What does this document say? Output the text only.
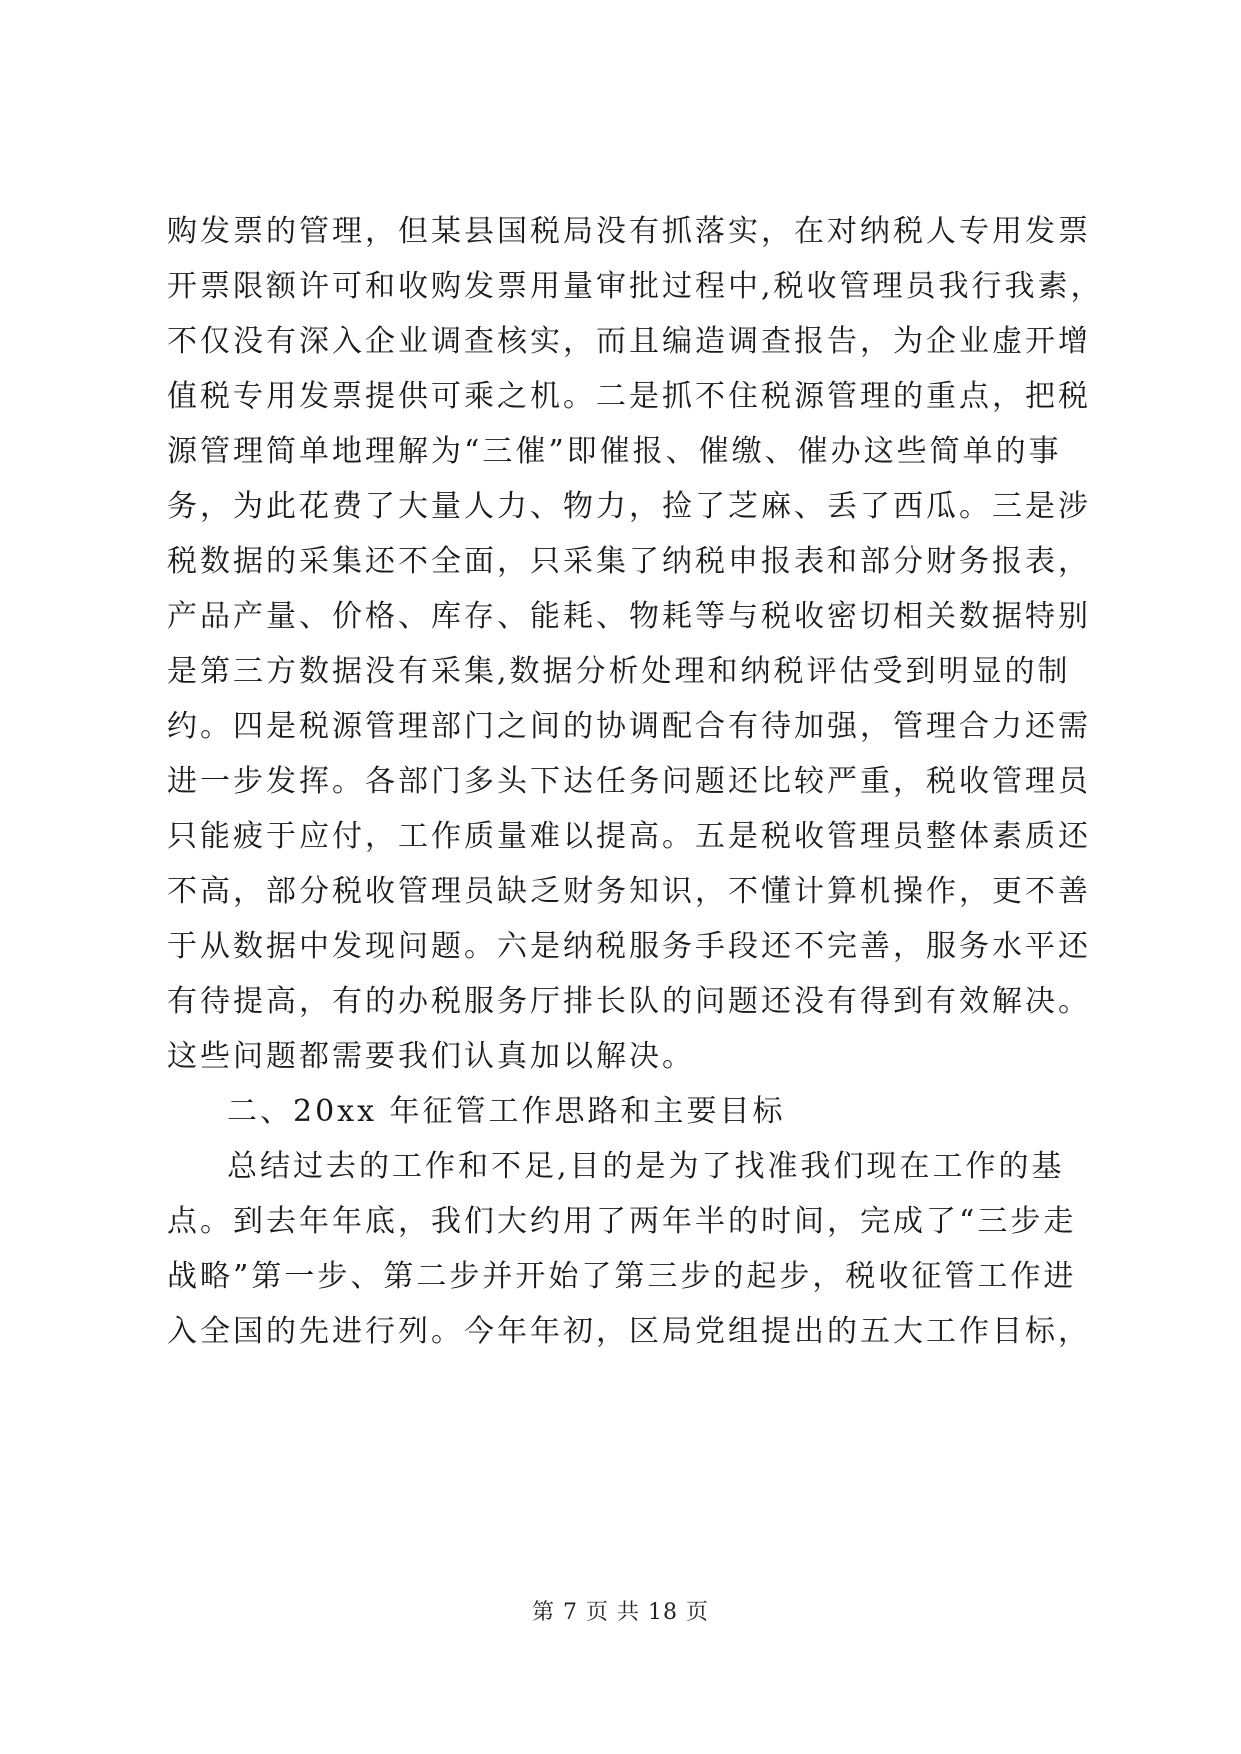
购发票的管理，但某县国税局没有抓落实，在对纳税人专用发票
开票限额许可和收购发票用量审批过程中,税收管理员我行我素，
不仅没有深入企业调查核实，而且编造调查报告，为企业虚开增
值税专用发票提供可乘之机。二是抓不住税源管理的重点，把税
源管理简单地理解为“三催”即催报、催缴、催办这些简单的事
务，为此花费了大量人力、物力，捡了芝麻、丢了西瓜。三是涉
税数据的采集还不全面，只采集了纳税申报表和部分财务报表，
产品产量、价格、库存、能耗、物耗等与税收密切相关数据特别
是第三方数据没有采集,数据分析处理和纳税评估受到明显的制
约。四是税源管理部门之间的协调配合有待加强，管理合力还需
进一步发挥。各部门多头下达任务问题还比较严重，税收管理员
只能疲于应付，工作质量难以提高。五是税收管理员整体素质还
不高，部分税收管理员缺乏财务知识，不懂计算机操作，更不善
于从数据中发现问题。六是纳税服务手段还不完善，服务水平还
有待提高，有的办税服务厅排长队的问题还没有得到有效解决。
这些问题都需要我们认真加以解决。
二、20xx 年征管工作思路和主要目标
总结过去的工作和不足,目的是为了找准我们现在工作的基
点。到去年年底，我们大约用了两年半的时间，完成了“三步走
战略”第一步、第二步并开始了第三步的起步，税收征管工作进
入全国的先进行列。今年年初，区局党组提出的五大工作目标，
第 7 页 共 18 页
